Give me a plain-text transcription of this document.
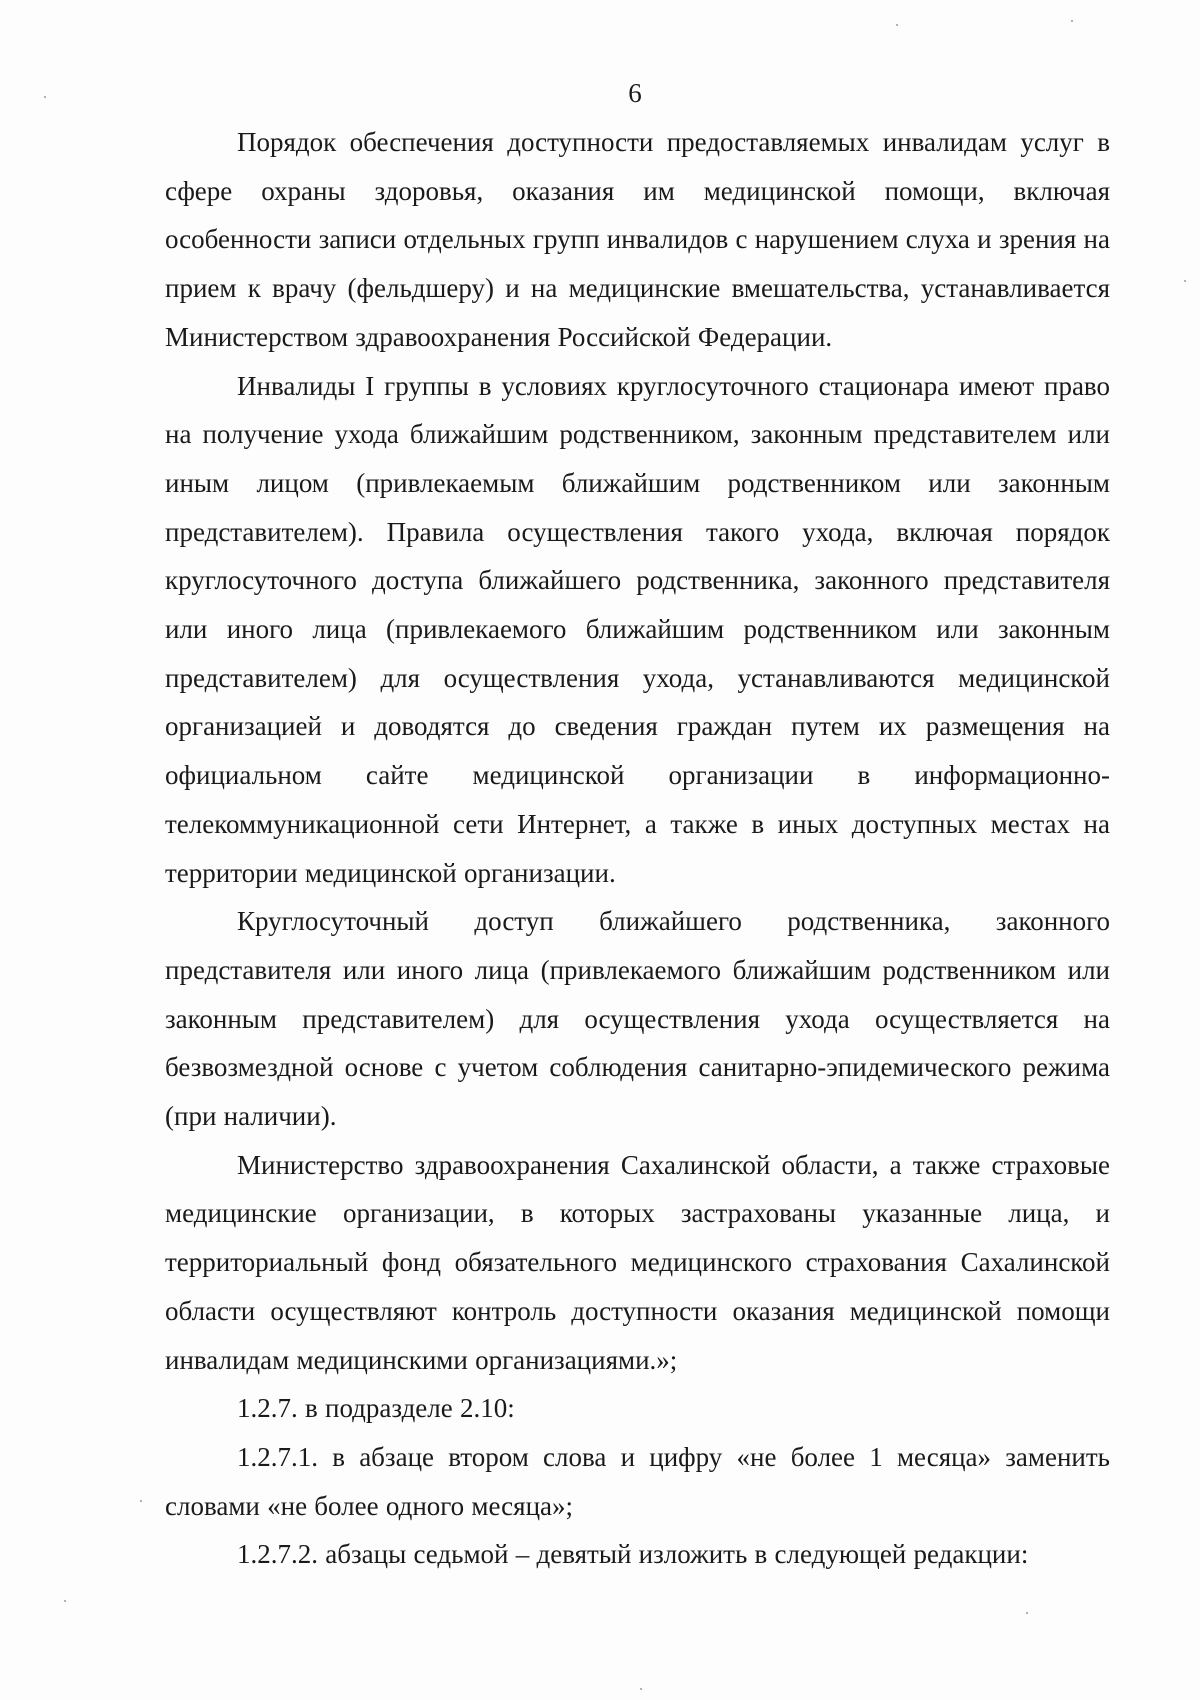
6

Порядок обеспечения доступности предоставляемых инвалидам услуг в сфере охраны здоровья, оказания им медицинской помощи, включая особенности записи отдельных групп инвалидов с нарушением слуха и зрения на прием к врачу (фельдшеру) и на медицинские вмешательства, устанавливается Министерством здравоохранения Российской Федерации.

Инвалиды I группы в условиях круглосуточного стационара имеют право на получение ухода ближайшим родственником, законным представителем или иным лицом (привлекаемым ближайшим родственником или законным представителем). Правила осуществления такого ухода, включая порядок круглосуточного доступа ближайшего родственника, законного представителя или иного лица (привлекаемого ближайшим родственником или законным представителем) для осуществления ухода, устанавливаются медицинской организацией и доводятся до сведения граждан путем их размещения на официальном сайте медицинской организации в информационно-телекоммуникационной сети Интернет, а также в иных доступных местах на территории медицинской организации.

Круглосуточный доступ ближайшего родственника, законного представителя или иного лица (привлекаемого ближайшим родственником или законным представителем) для осуществления ухода осуществляется на безвозмездной основе с учетом соблюдения санитарно-эпидемического режима (при наличии).

Министерство здравоохранения Сахалинской области, а также страховые медицинские организации, в которых застрахованы указанные лица, и территориальный фонд обязательного медицинского страхования Сахалинской области осуществляют контроль доступности оказания медицинской помощи инвалидам медицинскими организациями.»;

1.2.7. в подразделе 2.10:

1.2.7.1. в абзаце втором слова и цифру «не более 1 месяца» заменить словами «не более одного месяца»;

1.2.7.2. абзацы седьмой – девятый изложить в следующей редакции:
